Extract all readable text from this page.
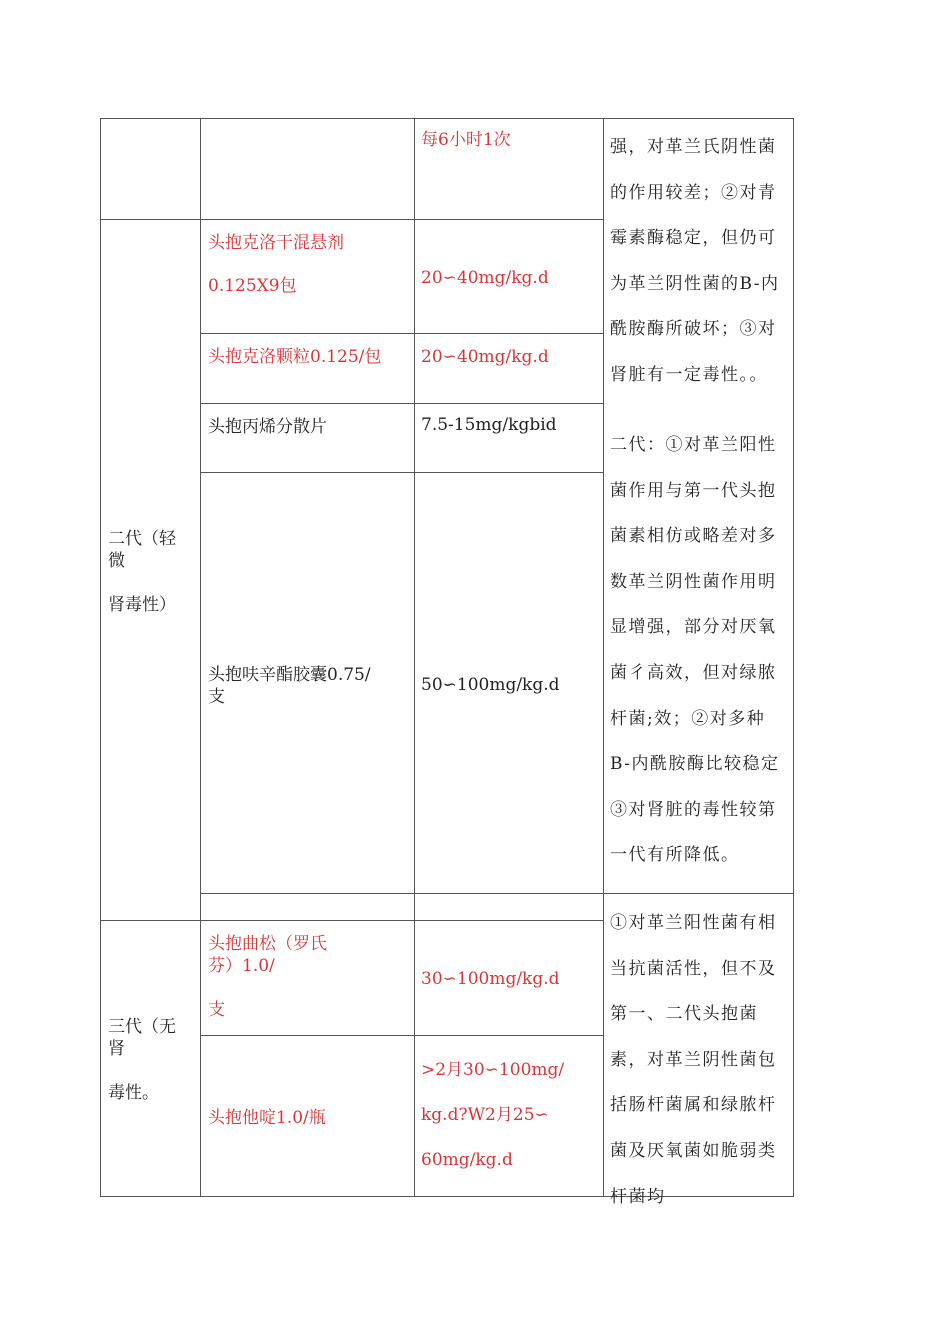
每6小时1次
二代（轻微
肾毒性）
头抱克洛干混悬剂
0.125X9包	20∽40mg/kg.d
头抱克洛颗粒0.125/包 20∽40mg/kg.d
头抱丙烯分散片	7.5-15mg/kgbid
头抱呋辛酯胶囊0.75/
支
50∽100mg/kg.d
三代（无肾
毒性。
头抱曲松（罗氏
芬）1.0/
支
30∽100mg/kg.d
头抱他啶1.0/瓶
>2月30∽100mg/
kg.d?W2月25∽
60mg/kg.d

强，对革兰氏阴性菌

的作用较差；②对青

霉素酶稳定，但仍可

为革兰阴性菌的B-内

酰胺酶所破坏；③对

肾脏有一定毒性。。

二代：①对革兰阳性

菌作用与第一代头抱

菌素相仿或略差对多

数革兰阴性菌作用明

显增强，部分对厌氧

菌彳高效，但对绿脓

杆菌;效；②对多种

B-内酰胺酶比较稳定

③对肾脏的毒性较第

一代有所降低。

①对革兰阳性菌有相

当抗菌活性，但不及

第一、二代头抱菌

素，对革兰阴性菌包

括肠杆菌属和绿脓杆

菌及厌氧菌如脆弱类

杆菌均
